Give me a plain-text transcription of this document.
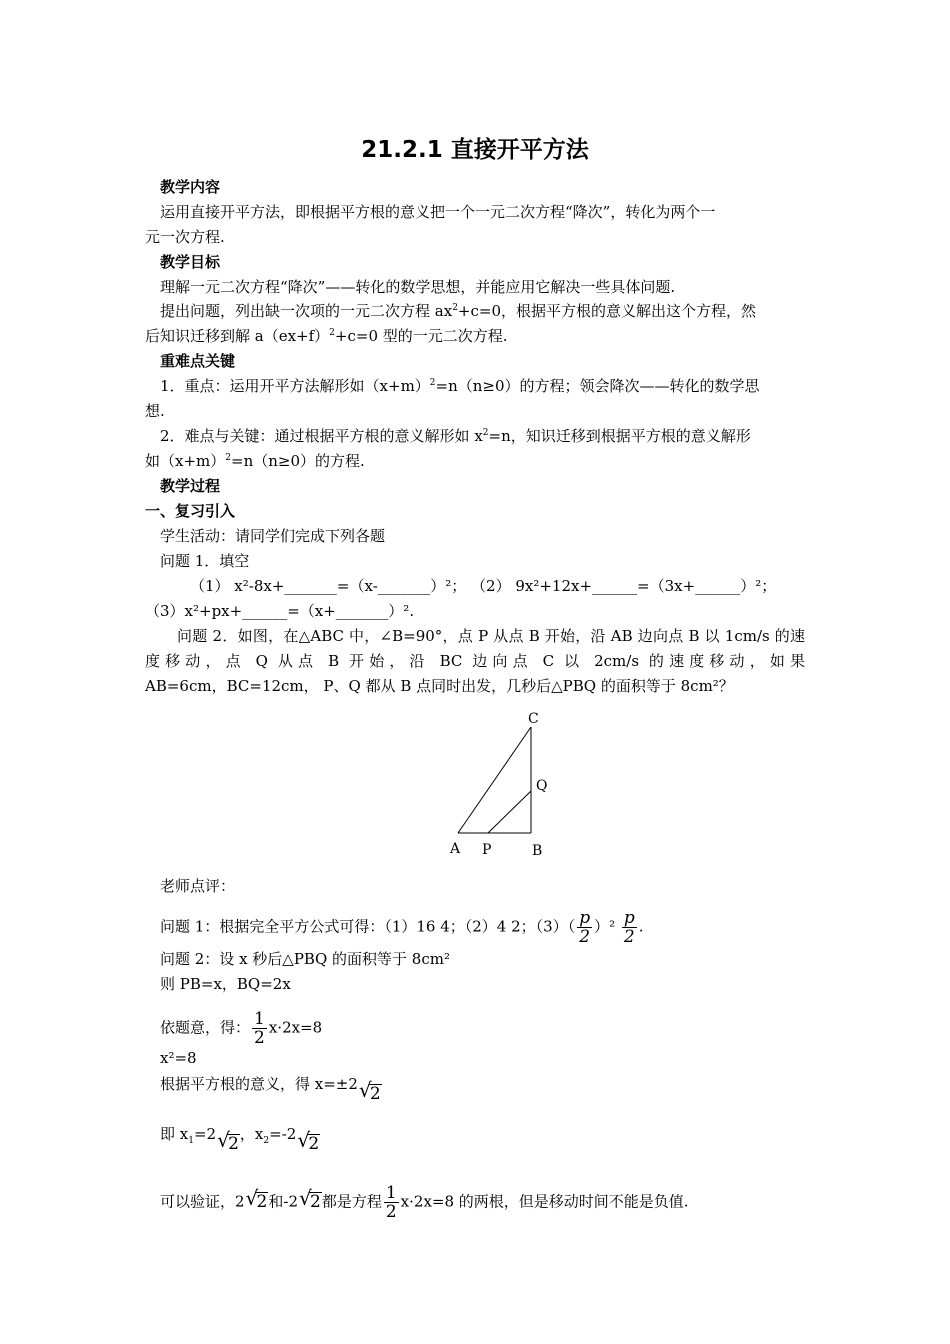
21.2.1 直接开平方法
教学内容
运用直接开平方法，即根据平方根的意义把一个一元二次方程“降次”，转化为两个一
元一次方程.
教学目标
理解一元二次方程“降次”——转化的数学思想，并能应用它解决一些具体问题.
提出问题，列出缺一次项的一元二次方程 $ax^2+c=0$，根据平方根的意义解出这个方程，然
后知识迁移到解 $a(ex+f)^2+c=0$ 型的一元二次方程.
重难点关键
1．重点：运用开平方法解形如$(x+m)^2=n(n\ge 0)$的方程；领会降次——转化的数学思
想.
2．难点与关键：通过根据平方根的意义解形如 $x^2=n$，知识迁移到根据平方根的意义解形
如$(x+m)^2=n(n\ge 0)$的方程.
教学过程
一、复习引入
学生活动：请同学们完成下列各题
问题 1．填空
（1） x²-8x+_______=（x-_______）²； （2） 9x²+12x+______=（3x+______）²；
（3）x²+px+______=（x+_______）².
问题 2．如图，在△ABC 中，∠B=90°，点 P 从点 B 开始，沿 AB 边向点 B 以 1cm/s 的速
度移动，点 Q 从点 B 开始，沿 BC 边向点 C 以 2cm/s 的速度移动，如果
AB=6cm，BC=12cm， P、Q 都从 B 点同时出发，几秒后△PBQ 的面积等于 8cm²？
C
Q
A P	B
老师点评：
问题 1：根据完全平方公式可得：（1）16 4；（2）4 2；$(3)( \frac{p}{2} )^2 \frac{p}{2}$ .
问题 2：设 x 秒后△PBQ 的面积等于 8cm²
则 PB=x，BQ=2x
依题意，得： $\frac{1}{2} x\cdot 2x=8$
x²=8
根据平方根的意义，得 x=±2 √
2
即 $x_1=2$ √
2，$x_2=-2$ √
2
可以验证，2 √
2和-2 √
2都是方程 $\frac{1}{2} x\cdot 2x=8$ 的两根，但是移动时间不能是负值.
